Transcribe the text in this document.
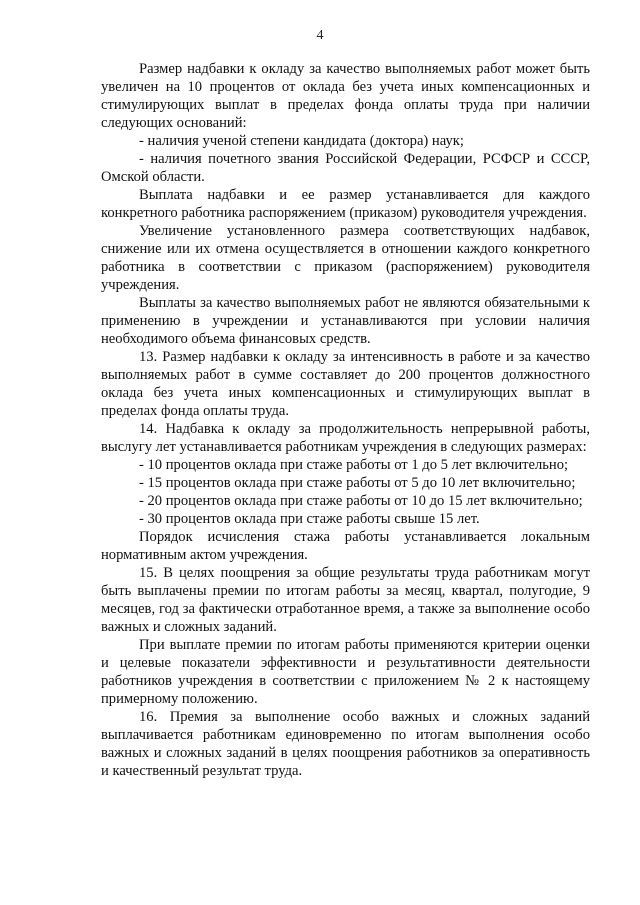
4

Размер надбавки к окладу за качество выполняемых работ может быть увеличен на 10 процентов от оклада без учета иных компенсационных и стимулирующих выплат в пределах фонда оплаты труда при наличии следующих оснований:

- наличия ученой степени кандидата (доктора) наук;

- наличия почетного звания Российской Федерации, РСФСР и СССР, Омской области.

Выплата надбавки и ее размер устанавливается для каждого конкретного работника распоряжением (приказом) руководителя учреждения.

Увеличение установленного размера соответствующих надбавок, снижение или их отмена осуществляется в отношении каждого конкретного работника в соответствии с приказом (распоряжением) руководителя учреждения.

Выплаты за качество выполняемых работ не являются обязательными к применению в учреждении и устанавливаются при условии наличия необходимого объема финансовых средств.

13. Размер надбавки к окладу за интенсивность в работе и за качество выполняемых работ в сумме составляет до 200 процентов должностного оклада без учета иных компенсационных и стимулирующих выплат в пределах фонда оплаты труда.

14. Надбавка к окладу за продолжительность непрерывной работы, выслугу лет устанавливается работникам учреждения в следующих размерах:

- 10 процентов оклада при стаже работы от 1 до 5 лет включительно;

- 15 процентов оклада при стаже работы от 5 до 10 лет включительно;

- 20 процентов оклада при стаже работы от 10 до 15 лет включительно;

- 30 процентов оклада при стаже работы свыше 15 лет.

Порядок исчисления стажа работы устанавливается локальным нормативным актом учреждения.

15. В целях поощрения за общие результаты труда работникам могут быть выплачены премии по итогам работы за месяц, квартал, полугодие, 9 месяцев, год за фактически отработанное время, а также за выполнение особо важных и сложных заданий.

При выплате премии по итогам работы применяются критерии оценки и целевые показатели эффективности и результативности деятельности работников учреждения в соответствии с приложением № 2 к настоящему примерному положению.

16. Премия за выполнение особо важных и сложных заданий выплачивается работникам единовременно по итогам выполнения особо важных и сложных заданий в целях поощрения работников за оперативность и качественный результат труда.
